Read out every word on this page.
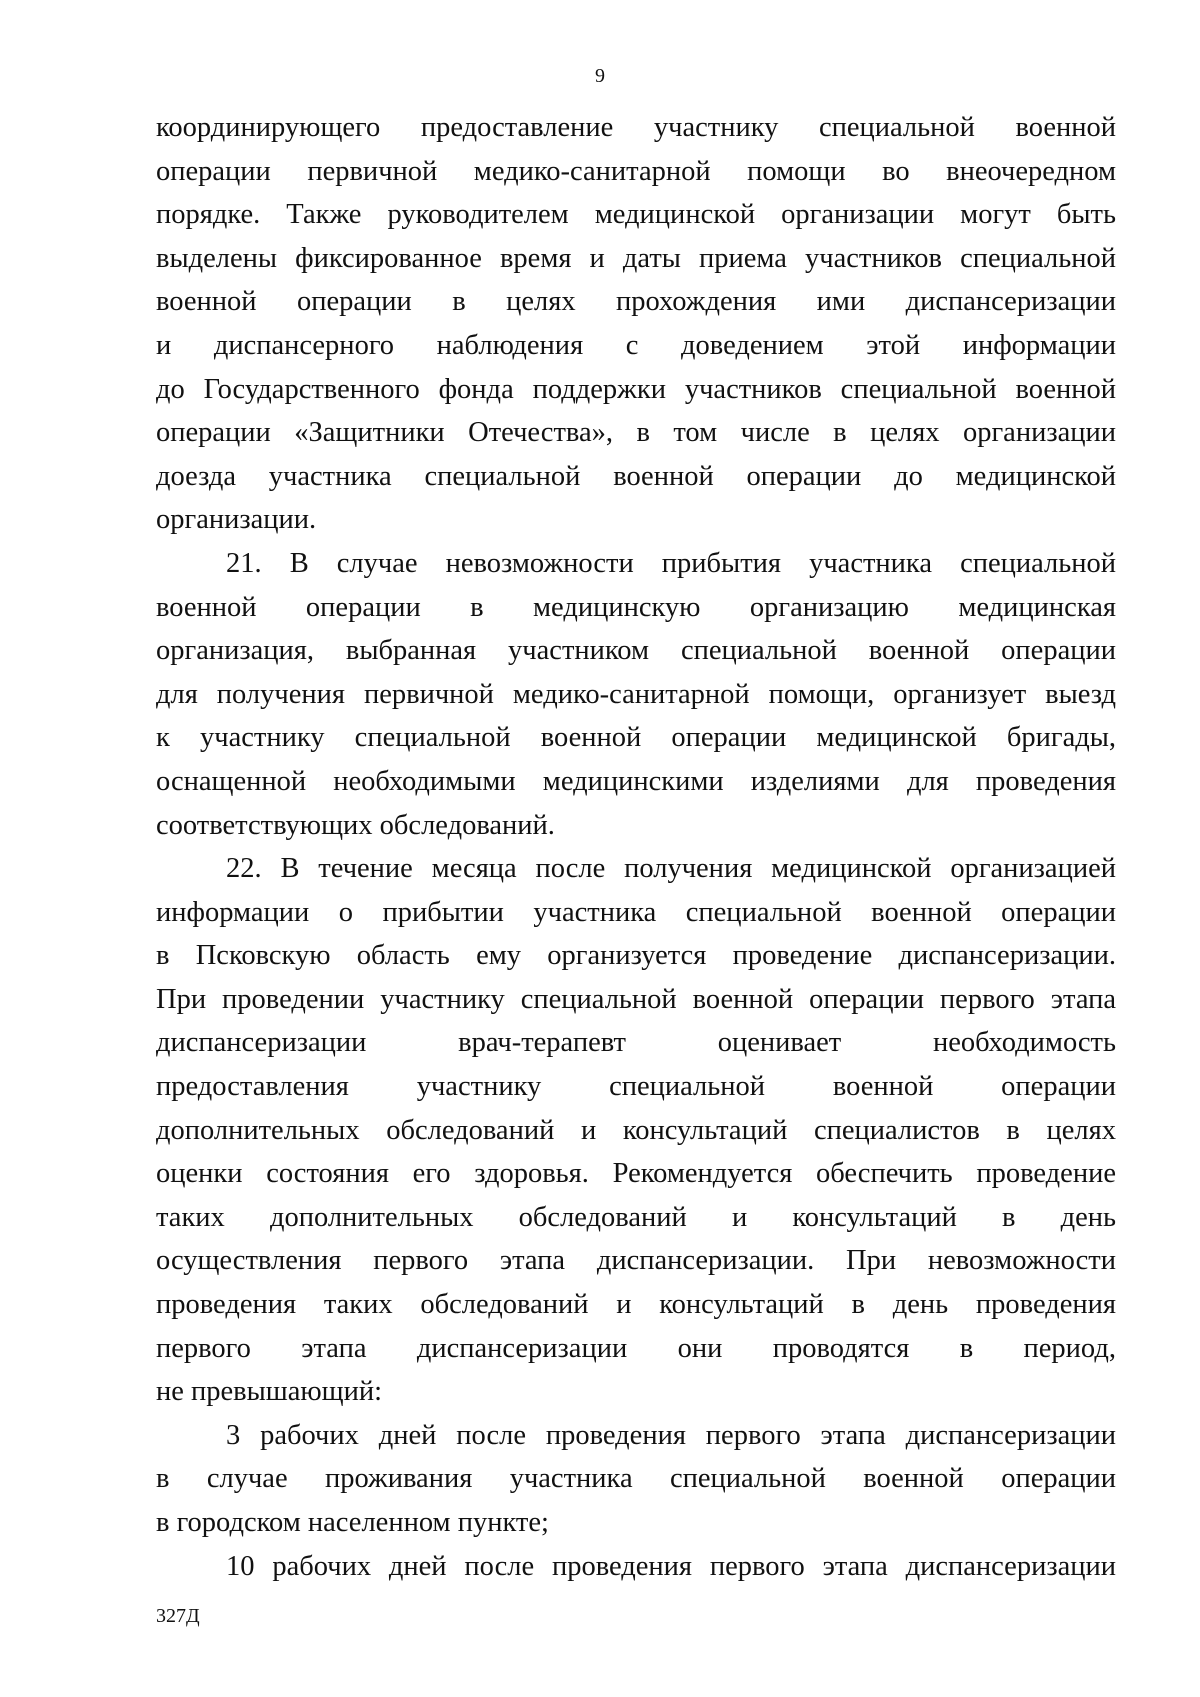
9
координирующего предоставление участнику специальной военной
операции первичной медико-санитарной помощи во внеочередном
порядке. Также руководителем медицинской организации могут быть
выделены фиксированное время и даты приема участников специальной
военной операции в целях прохождения ими диспансеризации
и диспансерного наблюдения с доведением этой информации
до Государственного фонда поддержки участников специальной военной
операции «Защитники Отечества», в том числе в целях организации
доезда участника специальной военной операции до медицинской
организации.
21. В случае невозможности прибытия участника специальной
военной операции в медицинскую организацию медицинская
организация, выбранная участником специальной военной операции
для получения первичной медико-санитарной помощи, организует выезд
к участнику специальной военной операции медицинской бригады,
оснащенной необходимыми медицинскими изделиями для проведения
соответствующих обследований.
22. В течение месяца после получения медицинской организацией
информации о прибытии участника специальной военной операции
в Псковскую область ему организуется проведение диспансеризации.
При проведении участнику специальной военной операции первого этапа
диспансеризации врач-терапевт оценивает необходимость
предоставления участнику специальной военной операции
дополнительных обследований и консультаций специалистов в целях
оценки состояния его здоровья. Рекомендуется обеспечить проведение
таких дополнительных обследований и консультаций в день
осуществления первого этапа диспансеризации. При невозможности
проведения таких обследований и консультаций в день проведения
первого этапа диспансеризации они проводятся в период,
не превышающий:
3 рабочих дней после проведения первого этапа диспансеризации
в случае проживания участника специальной военной операции
в городском населенном пункте;
10 рабочих дней после проведения первого этапа диспансеризации
327Д
